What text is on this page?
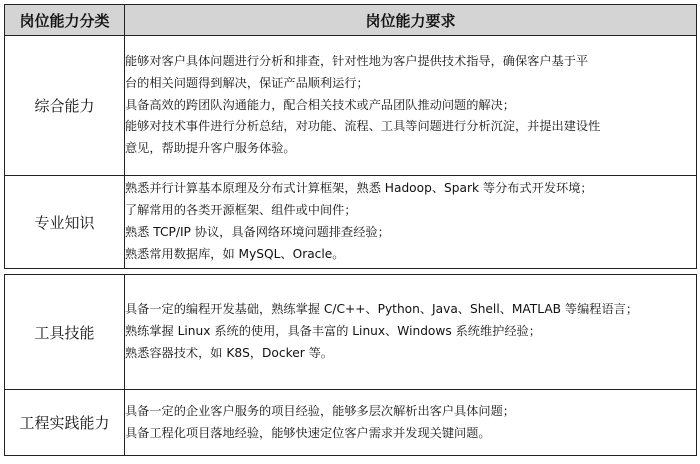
岗位能力分类	岗位能力要求
综合能力	能够对客户具体问题进行分析和排查，针对性地为客户提供技术指导，确保客户基于平
台的相关问题得到解决，保证产品顺利运行；
具备高效的跨团队沟通能力，配合相关技术或产品团队推动问题的解决；
能够对技术事件进行分析总结，对功能、流程、工具等问题进行分析沉淀，并提出建设性
意见，帮助提升客户服务体验。

专业知识	熟悉并行计算基本原理及分布式计算框架，熟悉 Hadoop、Spark 等分布式开发环境；
了解常用的各类开源框架、组件或中间件；
熟悉 TCP/IP 协议，具备网络环境问题排查经验；
熟悉常用数据库，如 MySQL、Oracle。

工具技能	具备一定的编程开发基础，熟练掌握 C/C++、Python、Java、Shell、MATLAB 等编程语言；
熟练掌握 Linux 系统的使用，具备丰富的 Linux、Windows 系统维护经验；
熟悉容器技术，如 K8S，Docker 等。

工程实践能力	具备一定的企业客户服务的项目经验，能够多层次解析出客户具体问题；
具备工程化项目落地经验，能够快速定位客户需求并发现关键问题。
